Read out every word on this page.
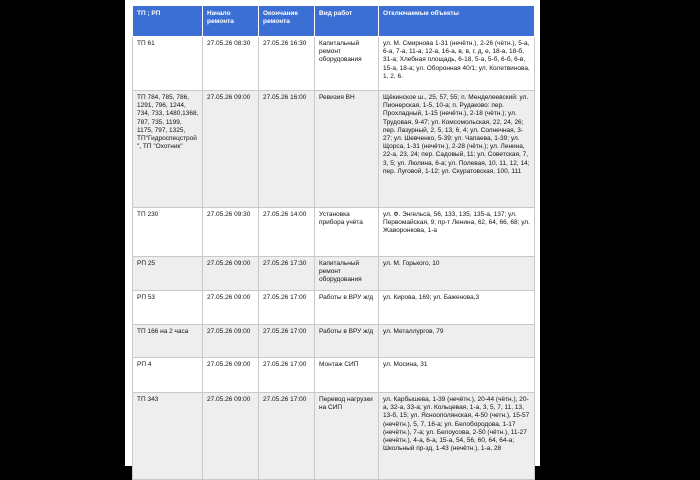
ТП ; РП	Начало ремонта	Окончание ремонта	Вид работ	Отключаемые объекты
ТП 61	27.05.26 08:30	27.05.26 16:30	Капитальный ремонт оборудования	ул. М. Смирнова 1-31 (нечётн.), 2-26 (чётн.), 5-а, 6-а, 7-а, 11-а, 12-а, 16-а, в, в, г, д, е, 18-а, 18-б, 31-а; Хлебная площадь, 6-18, 5-а, 5-б, 6-б, 6-в, 15-а, 18-а; ул. Оборонная 40/1; ул. Колетвинова, 1, 2, 6.
ТП 784, 785, 786, 1291, 796, 1244, 734, 733, 1480,1368, 787, 735, 1199, 1175, 797, 1325, ТП"Гидроспецстрой", ТП "Охотник"	27.05.26 09:00	27.05.26 16:00	Ревизия ВН	Щёкинское ш., 25, 57, 55; п. Менделеевский: ул. Пионерская, 1-5, 10-а; п. Рудаково: пер. Прохладный, 1-15 (нечётн.), 2-18 (чётн.); ул. Трудовая, 9-47; ул. Комсомольская, 22, 24, 26; пер. Лазурный, 2, 5, 13, 6, 4; ул. Солнечная, 3-27; ул. Шевченко, 5-39; ул. Чапаева, 1-39; ул. Щорса, 1-31 (нечётн.), 2-28 (чётн.); ул. Ленина, 22-а, 23, 24; пер. Садовый, 11; ул. Советская, 7, 3, 5; ул. Люлина, 6-а; ул. Полевая, 10, 11, 12, 14; пер. Луговой, 1-12; ул. Скуратовская, 100, 111
ТП 230	27.05.26 09:30	27.05.26 14:00	Установка прибора учёта	ул. Ф. Энгельса, 56, 133, 135, 135-а, 137; ул. Первомайская, 9; пр-т Ленина, 62, 64, 66, 68; ул. Жаворонкова, 1-а
РП 25	27.05.26 09:00	27.05.26 17:30	Капитальный ремонт оборудования	ул. М. Горького, 10
РП 53	27.05.26 09:00	27.05.26 17:00	Работы в ВРУ ж/д	ул. Кирова, 169; ул. Баженова,3
ТП 166 на 2 часа	27.05.26 09:00	27.05.26 17:00	Работы в ВРУ ж/д	ул. Металлургов, 79
РП 4	27.05.26 09:00	27.05.26 17:00	Монтаж СИП	ул. Мосина, 31
ТП 343	27.05.26 09:00	27.05.26 17:00	Перевод нагрузки на СИП	ул. Карбышева, 1-39 (нечётн.), 20-44 (чётн.), 20-а, 32-а, 33-а; ул. Кольцевая, 1-а, 3, 5, 7, 11, 13, 13-б, 15; ул. Ясноополянская, 4-50 (четн.), 15-57 (нечётн.), 5, 7, 16-а; ул. Белобородова, 1-17 (нечётн.), 7-а; ул. Белоусова, 2-50 (чётн.), 11-27 (нечётн.), 4-а, 6-а, 15-а, 54, 56, 60, 64, 64-а; Школьный пр-зд, 1-43 (нечётн.), 1-а, 28
